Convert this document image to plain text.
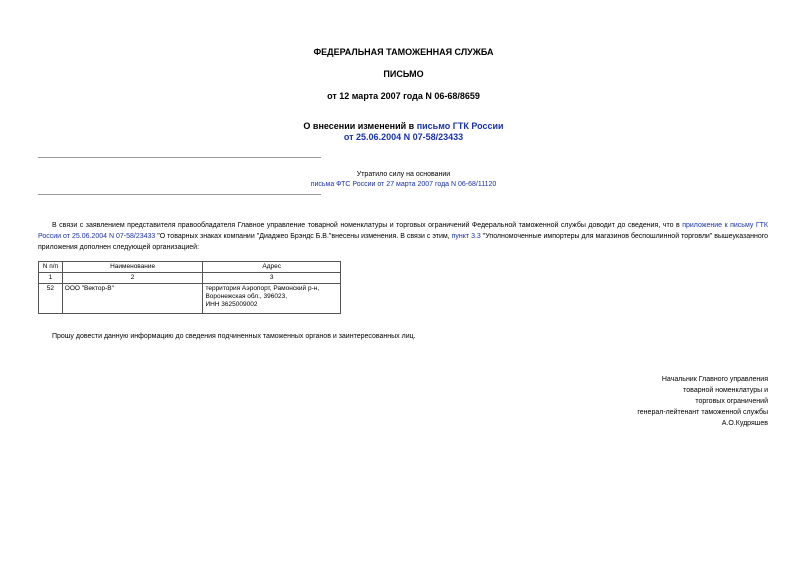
ФЕДЕРАЛЬНАЯ ТАМОЖЕННАЯ СЛУЖБА
ПИСЬМО
от 12 марта 2007 года N 06-68/8659
О внесении изменений в письмо ГТК России
от 25.06.2004 N 07-58/23433
Утратило силу на основании
письма ФТС России от 27 марта 2007 года N 06-68/11120
В связи с заявлением представителя правообладателя Главное управление товарной номенклатуры и торговых ограничений Федеральной таможенной службы доводит до сведения, что в приложение к письму ГТК России от 25.06.2004 N 07-58/23433 "О товарных знаках компании "Диаджео Брэндс Б.В."внесены изменения. В связи с этим, пункт 3.3 "Уполномоченные импортеры для магазинов беспошлинной торговли" вышеуказанного приложения дополнен следующей организацией:
N п/п	Наименование	Адрес
1	2	3
52	ООО "Вектор-В"	территория Аэропорт, Рамонский р-н,
Воронежская обл., 396023,
ИНН 3625009002
Прошу довести данную информацию до сведения подчиненных таможенных органов и заинтересованных лиц.
Начальник Главного управления
товарной номенклатуры и
торговых ограничений
генерал-лейтенант таможенной службы
А.О.Кудряшев
